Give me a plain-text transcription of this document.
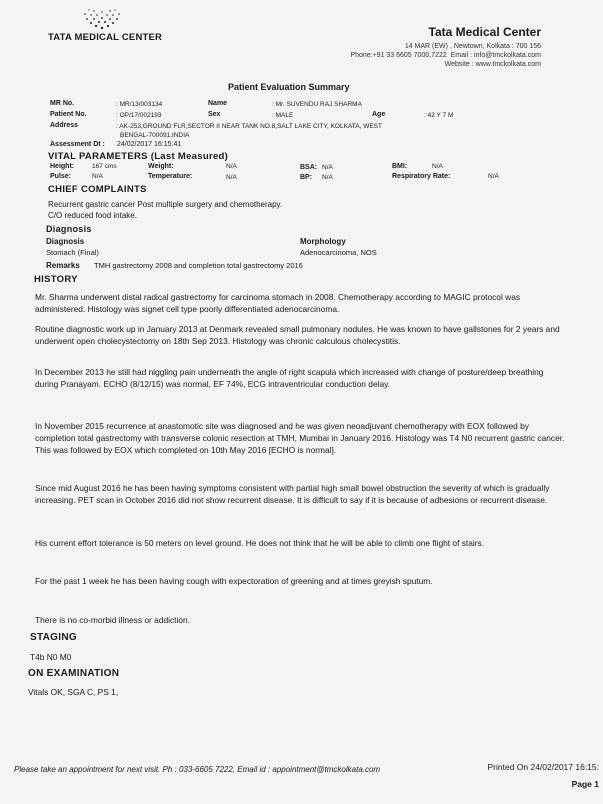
TATA MEDICAL CENTER	Tata Medical Center
14 MAR (EW) , Newtown, Kolkata : 700 156
Phone:+91 33 6605 7000,7222 Email : info@tmckolkata.com
Website : www.tmckolkata.com
Patient Evaluation Summary
MR No.	: MR/13/003134	Name	: Mr. SUVENDU RAJ SHARMA
Patient No.	: OP/17/002193	Sex	: MALE	Age	: 42 Y 7 M
Address	: AK-253,GROUND FLR,SECTOR II NEAR TANK NO.8,SALT LAKE CITY, KOLKATA, WEST
BENGAL-700091,INDIA
Assessment Dt : 24/02/2017 16:15:41
VITAL PARAMETERS (Last Measured)
Height:	167 cms	Weight:	N/A	BSA: N/A	BMI:	N/A
Pulse:	N/A	Temperature:	N/A	BP: N/A	Respiratory Rate:	N/A
CHIEF COMPLAINTS
Recurrent gastric cancer Post multiple surgery and chemotherapy.
C/O reduced food intake.
Diagnosis
Diagnosis	Morphology
Stomach (Final)	Adenocarcinoma, NOS
Remarks TMH gastrectomy 2008 and completion total gastrectomy 2016
HISTORY
Mr. Sharma underwent distal radical gastrectomy for carcinoma stomach in 2008. Chemotherapy according to MAGIC protocol was administered. Histology was signet cell type poorly differentiated adenocarcinoma.
Routine diagnostic work up in January 2013 at Denmark revealed small pulmonary nodules. He was known to have gallstones for 2 years and underwent open cholecystectomy on 18th Sep 2013. Histology was chronic calculous cholecystitis.
In December 2013 he still had niggling pain underneath the angle of right scapula which increased with change of posture/deep breathing during Pranayam. ECHO (8/12/15) was normal, EF 74%, ECG intraventricular conduction delay.
In November 2015 recurrence at anastomotic site was diagnosed and he was given neoadjuvant chemotherapy with EOX followed by completion total gastrectomy with transverse colonic resection at TMH, Mumbai in January 2016. Histology was T4 N0 recurrent gastric cancer. This was followed by EOX which completed on 10th May 2016 [ECHO is normal].
Since mid August 2016 he has been having symptoms consistent with partial high small bowel obstruction the severity of which is gradually increasing. PET scan in October 2016 did not show recurrent disease. It is difficult to say if it is because of adhesions or recurrent disease.
His current effort tolerance is 50 meters on level ground. He does not think that he will be able to climb one flight of stairs.
For the past 1 week he has been having cough with expectoration of greening and at times greyish sputum.
There is no co-morbid illness or addiction.
STAGING
T4b N0 M0
ON EXAMINATION
Vitals OK, SGA C, PS 1,
Please take an appointment for next visit. Ph : 033-6605 7222, Email id : appointment@tmckolkata.com	Printed On 24/02/2017 16:15:
Page 1
